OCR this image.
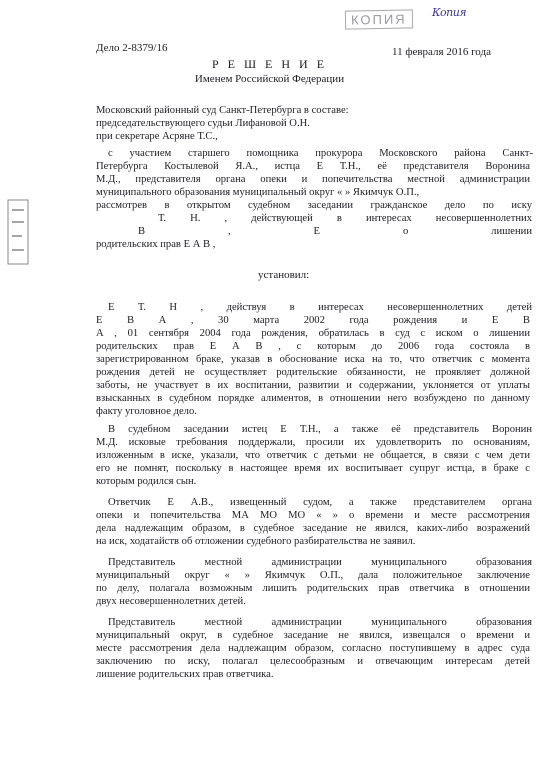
КОПИЯ	Копия
Дело 2-8379/16	11 февраля 2016 года
Р Е Ш Е Н И Е
Именем Российской Федерации
Московский районный суд Санкт-Петербурга в составе:
председательствующего судьи Лифановой О.Н.
при секретаре Асряне Т.С.,
с участием старшего помощника прокурора Московского района Санкт-
Петербурга Костылевой Я.А., истца Е Т.Н., её представителя Воронина
М.Д., представителя органа опеки и попечительства местной администрации
муниципального образования муниципальный округ « » Якимчук О.П.,
рассмотрев в открытом судебном заседании гражданское дело по иску
Т. Н. , действующей в интересах несовершеннолетних
В , Е о лишении
родительских прав Е А В ,
установил:
Е Т. Н , действуя в интересах несовершеннолетних детей
Е В А , 30 марта 2002 года рождения и Е В
А , 01 сентября 2004 года рождения, обратилась в суд с иском о лишении
родительских прав Е А В , с которым до 2006 года состояла в
зарегистрированном браке, указав в обоснование иска на то, что ответчик с момента
рождения детей не осуществляет родительские обязанности, не проявляет должной
заботы, не участвует в их воспитании, развитии и содержании, уклоняется от уплаты
взысканных в судебном порядке алиментов, в отношении него возбуждено по данному
факту уголовное дело.
В судебном заседании истец Е Т.Н., а также её представитель Воронин
М.Д. исковые требования поддержали, просили их удовлетворить по основаниям,
изложенным в иске, указали, что ответчик с детьми не общается, в связи с чем дети
его не помнят, поскольку в настоящее время их воспитывает супруг истца, в браке с
которым родился сын.
Ответчик Е А.В., извещенный судом, а также представителем органа
опеки и попечительства МА МО МО « » о времени и месте рассмотрения
дела надлежащим образом, в судебное заседание не явился, каких-либо возражений
на иск, ходатайств об отложении судебного разбирательства не заявил.
Представитель местной администрации муниципального образования
муниципальный округ « » Якимчук О.П., дала положительное заключение
по делу, полагала возможным лишить родительских прав ответчика в отношении
двух несовершеннолетних детей.
Представитель местной администрации муниципального образования
муниципальный округ, в судебное заседание не явился, извещался о времени и
месте рассмотрения дела надлежащим образом, согласно поступившему в адрес суда
заключению по иску, полагал целесообразным и отвечающим интересам детей
лишение родительских прав ответчика.
